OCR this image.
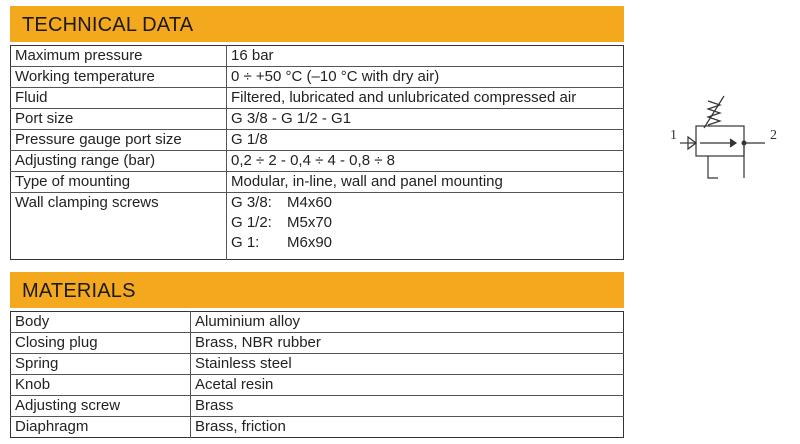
TECHNICAL DATA
Maximum pressure	16 bar
Working temperature	0 ÷ +50 °C (–10 °C with dry air)
Fluid	Filtered, lubricated and unlubricated compressed air
Port size	G 3/8 - G 1/2 - G1
Pressure gauge port size	G 1/8
Adjusting range (bar)	0,2 ÷ 2 - 0,4 ÷ 4 - 0,8 ÷ 8
Type of mounting	Modular, in-line, wall and panel mounting
Wall clamping screws	G 3/8: M4x60
G 1/2: M5x70
G 1: M6x90
MATERIALS
Body	Aluminium alloy
Closing plug	Brass, NBR rubber
Spring	Stainless steel
Knob	Acetal resin
Adjusting screw	Brass
Diaphragm	Brass, friction
1	2
